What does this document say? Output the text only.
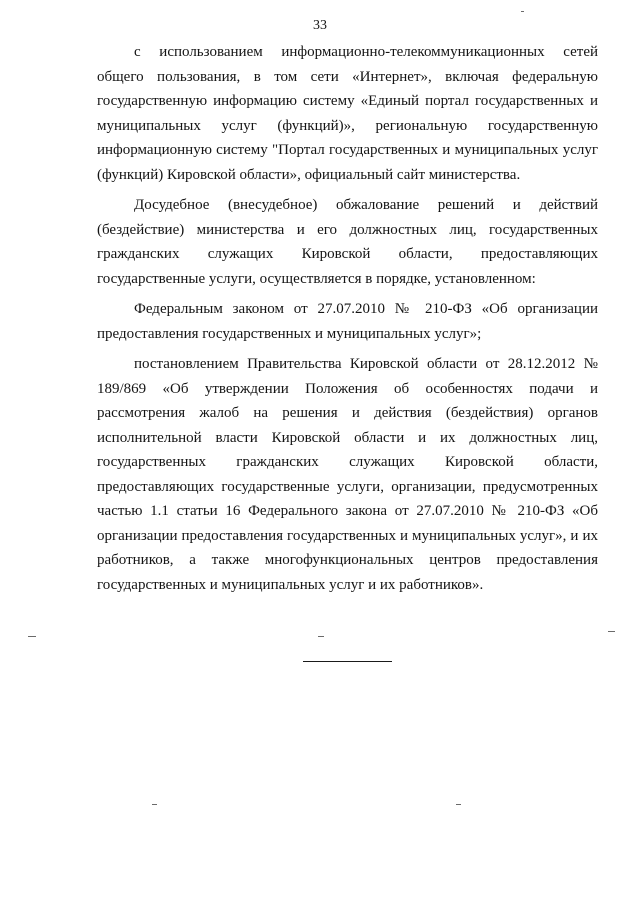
33

с использованием информационно-телекоммуникационных сетей общего пользования, в том сети «Интернет», включая федеральную государственную информацию систему «Единый портал государственных и муниципальных услуг (функций)», региональную государственную информационную систему "Портал государственных и муниципальных услуг (функций) Кировской области», официальный сайт министерства.

Досудебное (внесудебное) обжалование решений и действий (бездействие) министерства и его должностных лиц, государственных гражданских служащих Кировской области, предоставляющих государственные услуги, осуществляется в порядке, установленном:

Федеральным законом от 27.07.2010 № 210-ФЗ «Об организации предоставления государственных и муниципальных услуг»;

постановлением Правительства Кировской области от 28.12.2012 № 189/869 «Об утверждении Положения об особенностях подачи и рассмотрения жалоб на решения и действия (бездействия) органов исполнительной власти Кировской области и их должностных лиц, государственных гражданских служащих Кировской области, предоставляющих государственные услуги, организации, предусмотренных частью 1.1 статьи 16 Федерального закона от 27.07.2010 № 210-ФЗ «Об организации предоставления государственных и муниципальных услуг», и их работников, а также многофункциональных центров предоставления государственных и муниципальных услуг и их работников».
